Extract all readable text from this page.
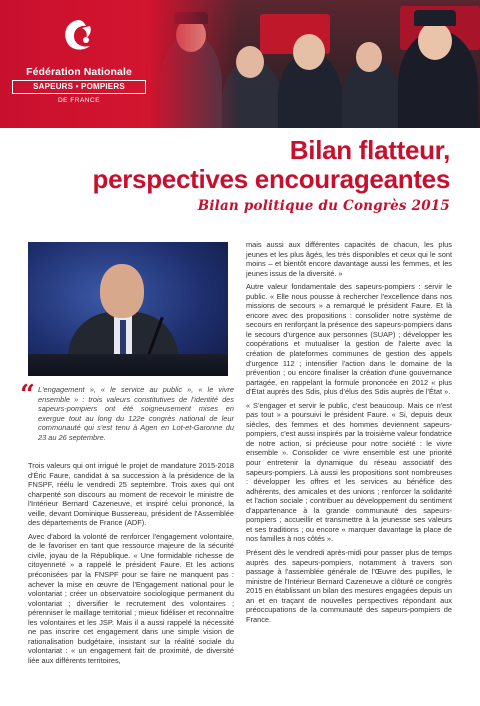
Fédération Nationale
SAPEURS • POMPIERS
DE FRANCE
Bilan flatteur,
perspectives encourageantes
Bilan politique du Congrès 2015
“ L'engagement », « le service au public », « le vivre ensemble » : trois valeurs constitutives de l'identité des sapeurs-pompiers ont été soigneusement mises en exergue tout au long du 122e congrès national de leur communauté qui s'est tenu à Agen en Lot-et-Garonne du 23 au 26 septembre.

Trois valeurs qui ont irrigué le projet de mandature 2015-2018 d'Éric Faure, candidat à sa succession à la présidence de la FNSPF, réélu le vendredi 25 septembre. Trois axes qui ont charpenté son discours au moment de recevoir le ministre de l'Intérieur Bernard Cazeneuve, et inspiré celui prononcé, la veille, devant Dominique Bussereau, président de l'Assemblée des départements de France (ADF).

Avec d'abord la volonté de renforcer l'engagement volontaire, de le favoriser en tant que ressource majeure de la sécurité civile, joyau de la République. « Une formidable richesse de citoyenneté » a rappelé le président Faure. Et les actions préconisées par la FNSPF pour se faire ne manquent pas : achever la mise en œuvre de l'Engagement national pour le volontariat ; créer un observatoire sociologique permanent du volontariat ; diversifier le recrutement des volontaires ; pérenniser le maillage territorial ; mieux fidéliser et reconnaître les volontaires et les JSP. Mais il a aussi rappelé la nécessité ne pas inscrire cet engagement dans une simple vision de rationalisation budgétaire, insistant sur la réalité sociale du volontariat : « un engagement fait de proximité, de diversité liée aux différents territoires,

mais aussi aux différentes capacités de chacun, les plus jeunes et les plus âgés, les très disponibles et ceux qui le sont moins – et bientôt encore davantage aussi les femmes, et les jeunes issus de la diversité. »

Autre valeur fondamentale des sapeurs-pompiers : servir le public. « Elle nous pousse à rechercher l'excellence dans nos missions de secours » a remarqué le président Faure. Et là encore avec des propositions : consolider notre système de secours en renforçant la présence des sapeurs-pompiers dans le secours d'urgence aux personnes (SUAP) ; développer les coopérations et mutualiser la gestion de l'alerte avec la création de plateformes communes de gestion des appels d'urgence 112 ; intensifier l'action dans le domaine de la prévention ; ou encore finaliser la création d'une gouvernance partagée, en rappelant la formule prononcée en 2012 « plus d'État auprès des Sdis, plus d'élus des Sdis auprès de l'État ».

« S'engager et servir le public, c'est beaucoup. Mais ce n'est pas tout » a poursuivi le président Faure. « Si, depuis deux siècles, des femmes et des hommes deviennent sapeurs-pompiers, c'est aussi inspirés par la troisième valeur fondatrice de notre action, si précieuse pour notre société : le vivre ensemble ». Consolider ce vivre ensemble est une priorité pour entretenir la dynamique du réseau associatif des sapeurs-pompiers. Là aussi les propositions sont nombreuses : développer les offres et les services au bénéfice des adhérents, des amicales et des unions ; renforcer la solidarité et l'action sociale ; contribuer au développement du sentiment d'appartenance à la grande communauté des sapeurs-pompiers ; accueillir et transmettre à la jeunesse ses valeurs et ses traditions ; ou encore « marquer davantage la place de nos familles à nos côtés ».

Présent dès le vendredi après-midi pour passer plus de temps auprès des sapeurs-pompiers, notamment à travers son passage à l'assemblée générale de l'Œuvre des pupilles, le ministre de l'Intérieur Bernard Cazeneuve a clôturé ce congrès 2015 en établissant un bilan des mesures engagées depuis un an et en traçant de nouvelles perspectives répondant aux préoccupations de la communauté des sapeurs-pompiers de France.
